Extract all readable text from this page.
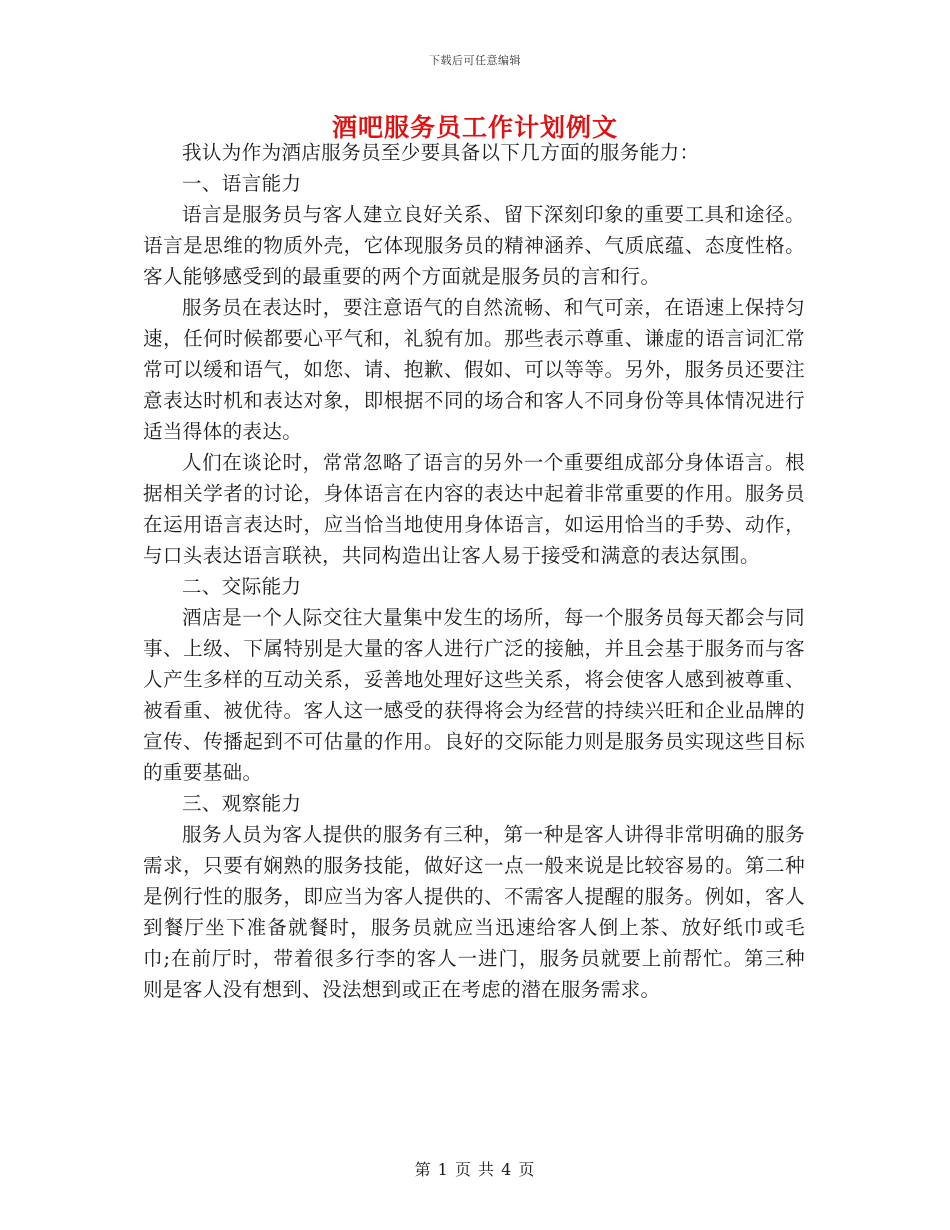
下载后可任意编辑
酒吧服务员工作计划例文

我认为作为酒店服务员至少要具备以下几方面的服务能力：

一、语言能力

语言是服务员与客人建立良好关系、留下深刻印象的重要工具和途径。语言是思维的物质外壳，它体现服务员的精神涵养、气质底蕴、态度性格。客人能够感受到的最重要的两个方面就是服务员的言和行。

服务员在表达时，要注意语气的自然流畅、和气可亲，在语速上保持匀速，任何时候都要心平气和，礼貌有加。那些表示尊重、谦虚的语言词汇常常可以缓和语气，如您、请、抱歉、假如、可以等等。另外，服务员还要注意表达时机和表达对象，即根据不同的场合和客人不同身份等具体情况进行适当得体的表达。

人们在谈论时，常常忽略了语言的另外一个重要组成部分身体语言。根据相关学者的讨论，身体语言在内容的表达中起着非常重要的作用。服务员在运用语言表达时，应当恰当地使用身体语言，如运用恰当的手势、动作，与口头表达语言联袂，共同构造出让客人易于接受和满意的表达氛围。

二、交际能力

酒店是一个人际交往大量集中发生的场所，每一个服务员每天都会与同事、上级、下属特别是大量的客人进行广泛的接触，并且会基于服务而与客人产生多样的互动关系，妥善地处理好这些关系，将会使客人感到被尊重、被看重、被优待。客人这一感受的获得将会为经营的持续兴旺和企业品牌的宣传、传播起到不可估量的作用。良好的交际能力则是服务员实现这些目标的重要基础。

三、观察能力

服务人员为客人提供的服务有三种，第一种是客人讲得非常明确的服务需求，只要有娴熟的服务技能，做好这一点一般来说是比较容易的。第二种是例行性的服务，即应当为客人提供的、不需客人提醒的服务。例如，客人到餐厅坐下准备就餐时，服务员就应当迅速给客人倒上茶、放好纸巾或毛巾;在前厅时，带着很多行李的客人一进门，服务员就要上前帮忙。第三种则是客人没有想到、没法想到或正在考虑的潜在服务需求。

第 1 页 共 4 页
